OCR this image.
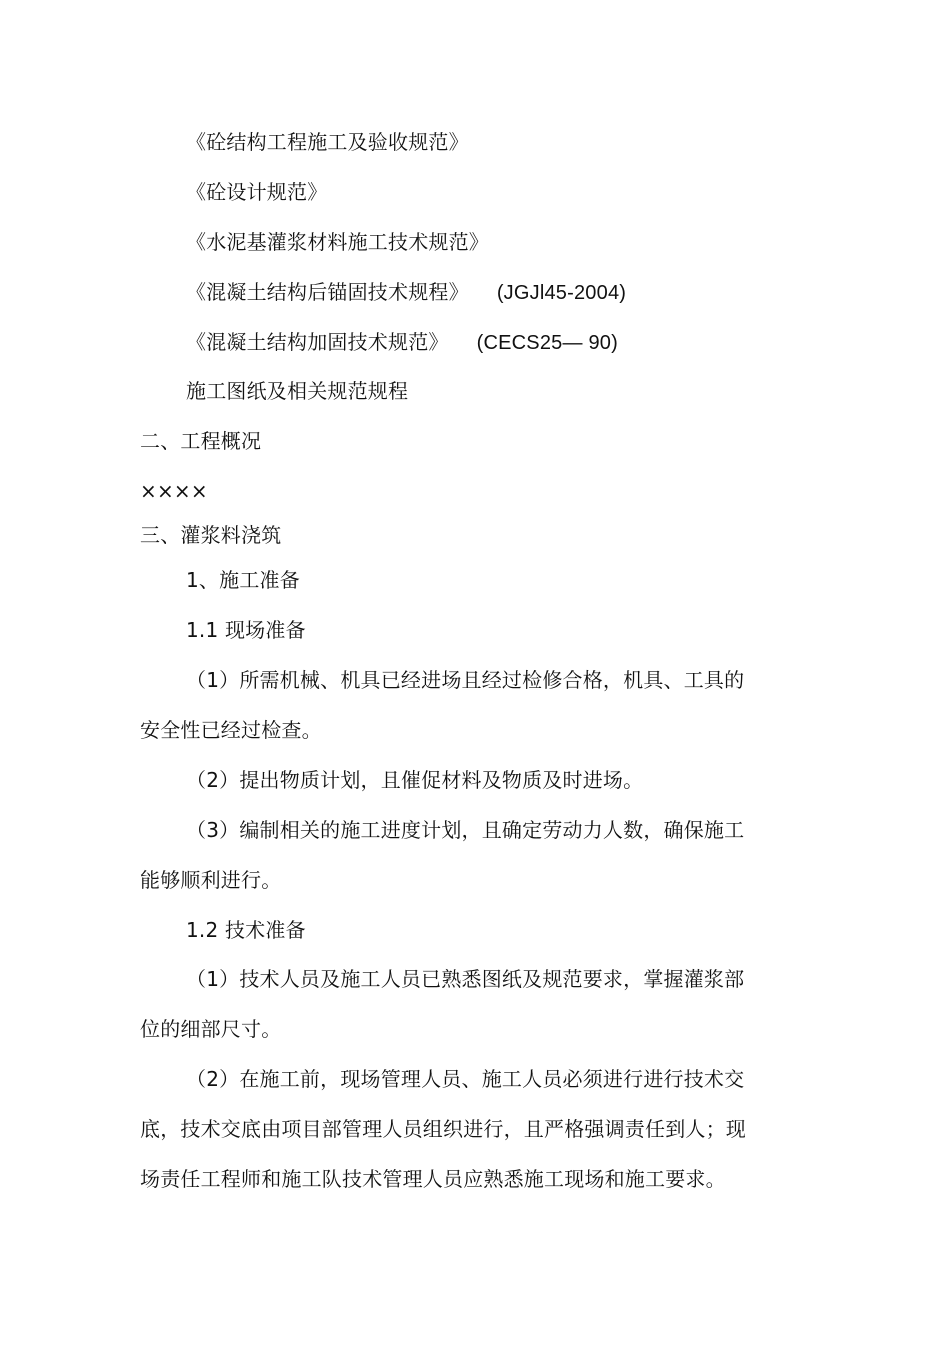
《砼结构工程施工及验收规范》
《砼设计规范》
《水泥基灌浆材料施工技术规范》
《混凝土结构后锚固技术规程》 (JGJl45-2004)
《混凝土结构加固技术规范》 (CECS25— 90)
施工图纸及相关规范规程
二、工程概况
××××
三、灌浆料浇筑
1、施工准备
1.1 现场准备
（1）所需机械、机具已经进场且经过检修合格，机具、工具的
安全性已经过检查。
（2）提出物质计划，且催促材料及物质及时进场。
（3）编制相关的施工进度计划，且确定劳动力人数，确保施工
能够顺利进行。
1.2 技术准备
（1）技术人员及施工人员已熟悉图纸及规范要求，掌握灌浆部
位的细部尺寸。
（2）在施工前，现场管理人员、施工人员必须进行进行技术交
底，技术交底由项目部管理人员组织进行，且严格强调责任到人；现
场责任工程师和施工队技术管理人员应熟悉施工现场和施工要求。
